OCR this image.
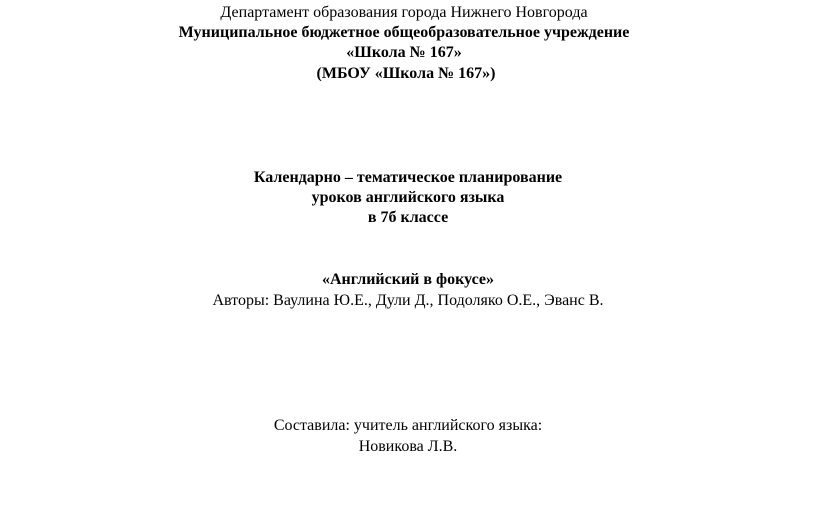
Департамент образования города Нижнего Новгорода
Муниципальное бюджетное общеобразовательное учреждение
«Школа № 167»
(МБОУ «Школа № 167»)
Календарно – тематическое планирование
уроков английского языка
в 7б классе
«Английский в фокусе»
Авторы: Ваулина Ю.Е., Дули Д., Подоляко О.Е., Эванс В.
Составила: учитель английского языка:
Новикова Л.В.
